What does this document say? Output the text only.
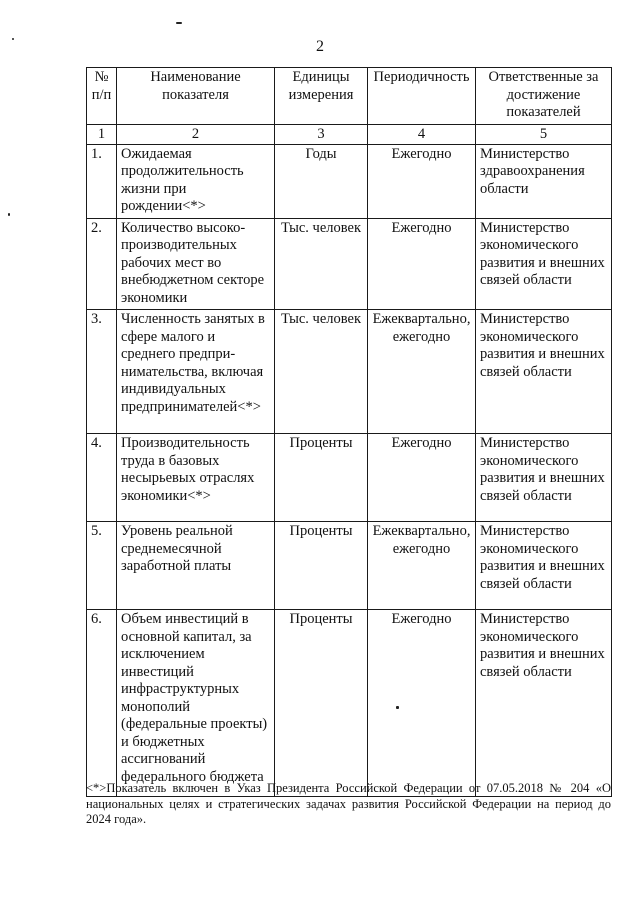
2
№ п/п	Наименование показателя	Единицы измерения	Периодичность	Ответственные за достижение показателей
1	2	3	4	5
1.	Ожидаемая продолжительность жизни при рождении<*>	Годы	Ежегодно	Министерство здравоохранения области
2.	Количество высоко-производительных рабочих мест во внебюджетном секторе экономики	Тыс. человек	Ежегодно	Министерство экономического развития и внешних связей области
3.	Численность занятых в сфере малого и среднего предпри-нимательства, включая индивидуальных предпринимателей<*>	Тыс. человек	Ежеквартально, ежегодно	Министерство экономического развития и внешних связей области
4.	Производительность труда в базовых несырьевых отраслях экономики<*>	Проценты	Ежегодно	Министерство экономического развития и внешних связей области
5.	Уровень реальной среднемесячной заработной платы	Проценты	Ежеквартально, ежегодно	Министерство экономического развития и внешних связей области
6.	Объем инвестиций в основной капитал, за исключением инвестиций инфраструктурных монополий (федеральные проекты) и бюджетных ассигнований федерального бюджета	Проценты	Ежегодно	Министерство экономического развития и внешних связей области
<*>Показатель включен в Указ Президента Российской Федерации от 07.05.2018 № 204 «О национальных целях и стратегических задачах развития Российской Федерации на период до 2024 года».
